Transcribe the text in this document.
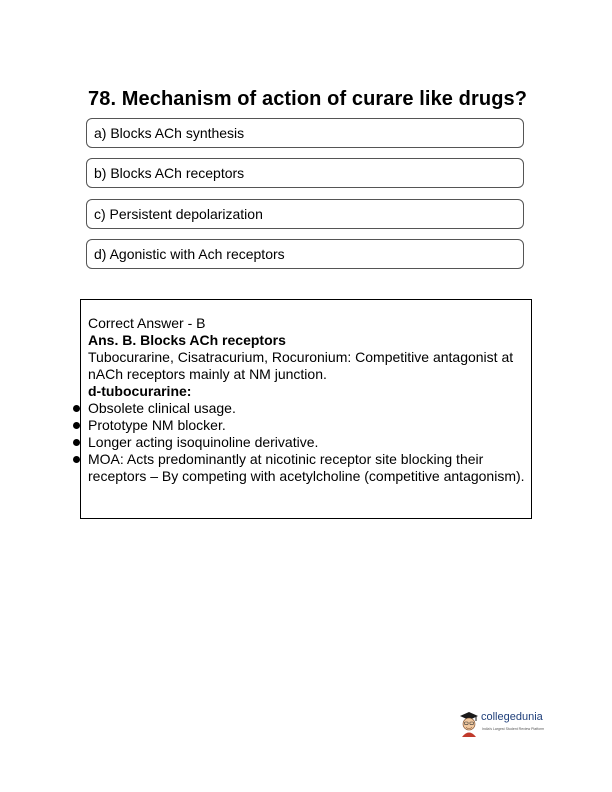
78. Mechanism of action of curare like drugs?
a) Blocks ACh synthesis
b) Blocks ACh receptors
c) Persistent depolarization
d) Agonistic with Ach receptors

Correct Answer - B

Ans. B. Blocks ACh receptors

Tubocurarine, Cisatracurium, Rocuronium: Competitive antagonist at nACh receptors mainly at NM junction.

d-tubocurarine:

Obsolete clinical usage.
Prototype NM blocker.
Longer acting isoquinoline derivative.
MOA: Acts predominantly at nicotinic receptor site blocking their receptors – By competing with acetylcholine (competitive antagonism).
collegedunia
India's Largest Student Review Platform
